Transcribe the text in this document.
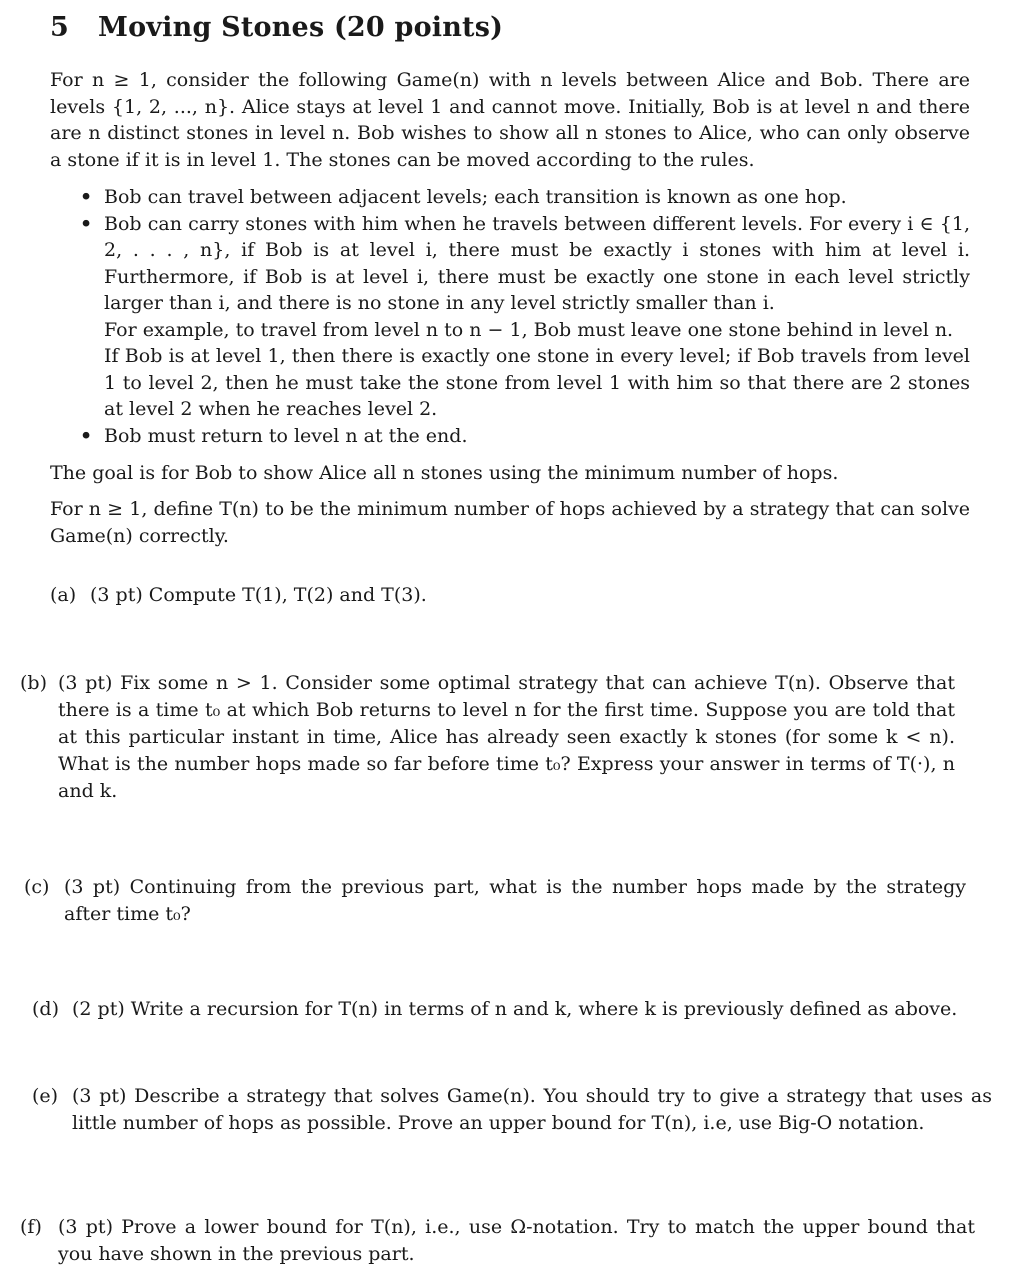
5 Moving Stones (20 points)
For n ≥ 1, consider the following Game(n) with n levels between Alice and Bob. There are levels {1, 2, ..., n}. Alice stays at level 1 and cannot move. Initially, Bob is at level n and there are n distinct stones in level n. Bob wishes to show all n stones to Alice, who can only observe a stone if it is in level 1. The stones can be moved according to the rules.
• Bob can travel between adjacent levels; each transition is known as one hop.
• Bob can carry stones with him when he travels between different levels. For every i ∈ {1, 2, . . . , n}, if Bob is at level i, there must be exactly i stones with him at level i. Furthermore, if Bob is at level i, there must be exactly one stone in each level strictly larger than i, and there is no stone in any level strictly smaller than i.
For example, to travel from level n to n − 1, Bob must leave one stone behind in level n.
If Bob is at level 1, then there is exactly one stone in every level; if Bob travels from level 1 to level 2, then he must take the stone from level 1 with him so that there are 2 stones at level 2 when he reaches level 2.
• Bob must return to level n at the end.
The goal is for Bob to show Alice all n stones using the minimum number of hops.
For n ≥ 1, define T(n) to be the minimum number of hops achieved by a strategy that can solve Game(n) correctly.
(a) (3 pt) Compute T(1), T(2) and T(3).
(b) (3 pt) Fix some n > 1. Consider some optimal strategy that can achieve T(n). Observe that there is a time t₀ at which Bob returns to level n for the first time. Suppose you are told that at this particular instant in time, Alice has already seen exactly k stones (for some k < n). What is the number hops made so far before time t₀? Express your answer in terms of T(·), n and k.
(c) (3 pt) Continuing from the previous part, what is the number hops made by the strategy after time t₀?
(d) (2 pt) Write a recursion for T(n) in terms of n and k, where k is previously defined as above.
(e) (3 pt) Describe a strategy that solves Game(n). You should try to give a strategy that uses as little number of hops as possible. Prove an upper bound for T(n), i.e, use Big-O notation.
(f) (3 pt) Prove a lower bound for T(n), i.e., use Ω-notation. Try to match the upper bound that you have shown in the previous part.
